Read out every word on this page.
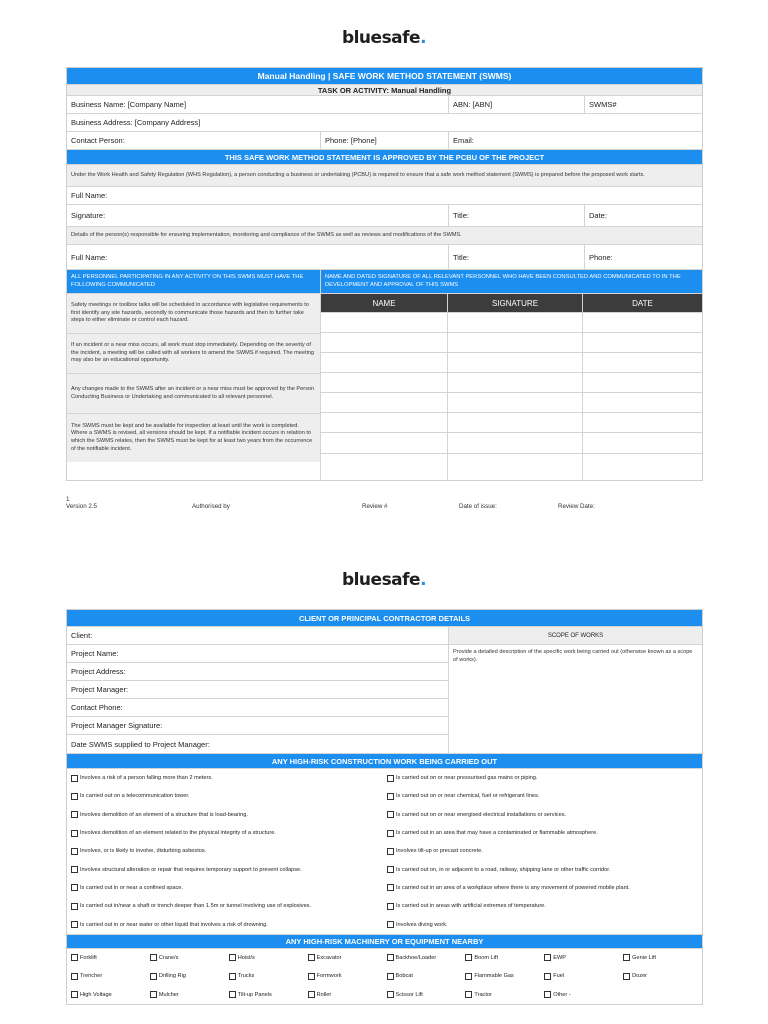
bluesafe.
Manual Handling | SAFE WORK METHOD STATEMENT (SWMS)
TASK OR ACTIVITY: Manual Handling
Business Name: [Company Name]	ABN: [ABN]	SWMS#
Business Address: [Company Address]
Contact Person:	Phone: [Phone]	Email:
THIS SAFE WORK METHOD STATEMENT IS APPROVED BY THE PCBU OF THE PROJECT
Under the Work Health and Safety Regulation (WHS Regulation), a person conducting a business or undertaking (PCBU) is required to ensure that a safe work method statement (SWMS) is prepared before the proposed work starts.
Full Name:
Signature:	Title:	Date:
Details of the person(s) responsible for ensuring implementation, monitoring and compliance of the SWMS as well as reviews and modifications of the SWMS.
Full Name:	Title:	Phone:
ALL PERSONNEL PARTICIPATING IN ANY ACTIVITY ON THIS SWMS MUST HAVE THE FOLLOWING COMMUNICATED
NAME AND DATED SIGNATURE OF ALL RELEVANT PERSONNEL WHO HAVE BEEN CONSULTED AND COMMUNICATED TO IN THE DEVELOPMENT AND APPROVAL OF THIS SWMS
Safety meetings or toolbox talks will be scheduled in accordance with legislative requirements to first identify any site hazards, secondly to communicate those hazards and then to further take steps to either eliminate or control each hazard.
If an incident or a near miss occurs, all work must stop immediately. Depending on the severity of the incident, a meeting will be called with all workers to amend the SWMS if required. The meeting may also be an educational opportunity.
Any changes made to the SWMS after an incident or a near miss must be approved by the Person Conducting Business or Undertaking and communicated to all relevant personnel.
The SWMS must be kept and be available for inspection at least until the work is completed. Where a SWMS is revised, all versions should be kept. If a notifiable incident occurs in relation to which the SWMS relates, then the SWMS must be kept for at least two years from the occurrence of the notifiable incident.
NAME	SIGNATURE	DATE
1
Version 2.5	Authorised by	Review #	Date of issue:	Review Date:
bluesafe.
CLIENT OR PRINCIPAL CONTRACTOR DETAILS
Client:
Project Name:
Project Address:
Project Manager:
Contact Phone:
Project Manager Signature:
Date SWMS supplied to Project Manager:
SCOPE OF WORKS
Provide a detailed description of the specific work being carried out (otherwise known as a scope of works).
ANY HIGH-RISK CONSTRUCTION WORK BEING CARRIED OUT
Involves a risk of a person falling more than 2 meters.
Is carried out on a telecommunication tower.
Involves demolition of an element of a structure that is load-bearing.
Involves demolition of an element related to the physical integrity of a structure.
Involves, or is likely to involve, disturbing asbestos.
Involves structural alteration or repair that requires temporary support to prevent collapse.
Is carried out in or near a confined space.
Is carried out in/near a shaft or trench deeper than 1.5m or tunnel involving use of explosives.
Is carried out in or near water or other liquid that involves a risk of drowning.
Is carried out on or near pressurised gas mains or piping.
Is carried out on or near chemical, fuel or refrigerant lines.
Is carried out on or near energised electrical installations or services.
Is carried out in an area that may have a contaminated or flammable atmosphere.
Involves tilt-up or precast concrete.
Is carried out on, in or adjacent to a road, railway, shipping lane or other traffic corridor.
Is carried out in an area of a workplace where there is any movement of powered mobile plant.
Is carried out in areas with artificial extremes of temperature.
Involves diving work.
ANY HIGH-RISK MACHINERY OR EQUIPMENT NEARBY
Forklift	Crane/s	Hoist/s	Excavator	Backhoe/Loader	Boom Lift	EWP	Genie Lift
Trencher	Drilling Rig	Trucks	Formwork	Bobcat	Flammable Gas	Fuel	Dozer
High Voltage	Mulcher	Tilt-up Panels	Roller	Scissor Lift	Tractor	Other -
